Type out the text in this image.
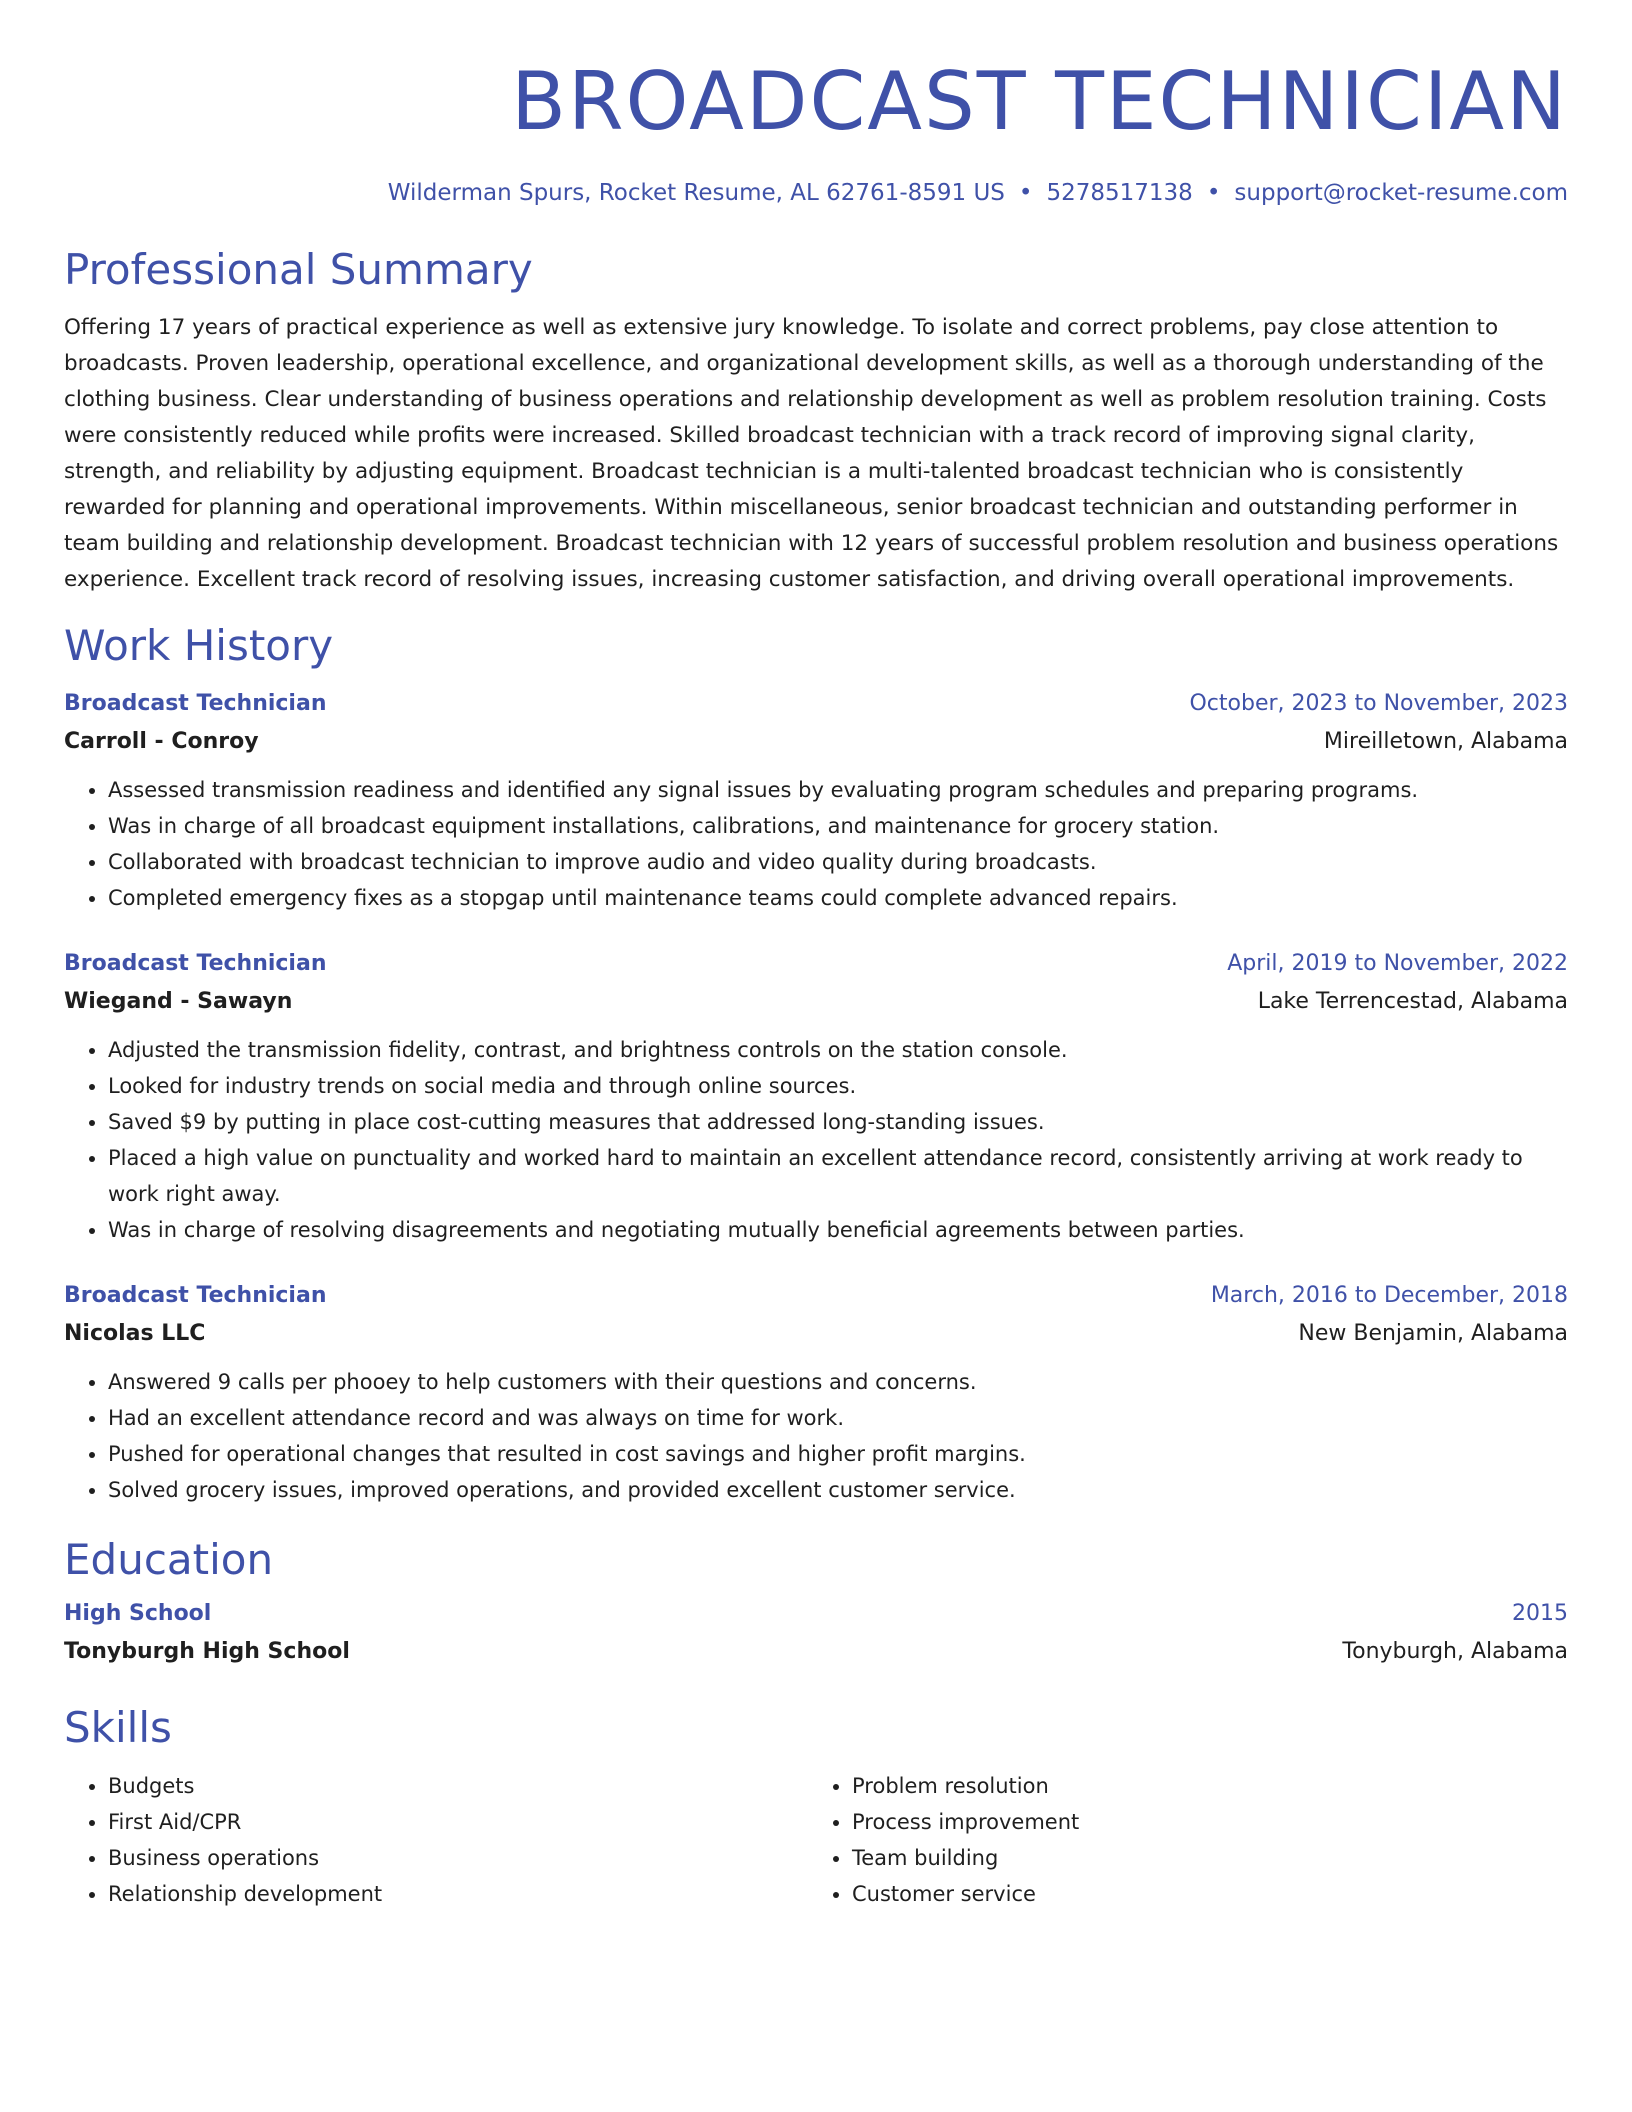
BROADCAST TECHNICIAN
Wilderman Spurs, Rocket Resume, AL 62761-8591 US • 5278517138 • support@rocket-resume.com
Professional Summary

Offering 17 years of practical experience as well as extensive jury knowledge. To isolate and correct problems, pay close attention to broadcasts. Proven leadership, operational excellence, and organizational development skills, as well as a thorough understanding of the clothing business. Clear understanding of business operations and relationship development as well as problem resolution training. Costs were consistently reduced while profits were increased. Skilled broadcast technician with a track record of improving signal clarity, strength, and reliability by adjusting equipment. Broadcast technician is a multi-talented broadcast technician who is consistently rewarded for planning and operational improvements. Within miscellaneous, senior broadcast technician and outstanding performer in team building and relationship development. Broadcast technician with 12 years of successful problem resolution and business operations experience. Excellent track record of resolving issues, increasing customer satisfaction, and driving overall operational improvements.

Work History
Broadcast Technician	October, 2023 to November, 2023
Carroll - Conroy	Mireilletown, Alabama
• Assessed transmission readiness and identified any signal issues by evaluating program schedules and preparing programs.
• Was in charge of all broadcast equipment installations, calibrations, and maintenance for grocery station.
• Collaborated with broadcast technician to improve audio and video quality during broadcasts.
• Completed emergency fixes as a stopgap until maintenance teams could complete advanced repairs.
Broadcast Technician	April, 2019 to November, 2022
Wiegand - Sawayn	Lake Terrencestad, Alabama
• Adjusted the transmission fidelity, contrast, and brightness controls on the station console.
• Looked for industry trends on social media and through online sources.
• Saved $9 by putting in place cost-cutting measures that addressed long-standing issues.
• Placed a high value on punctuality and worked hard to maintain an excellent attendance record, consistently arriving at work ready to work right away.
• Was in charge of resolving disagreements and negotiating mutually beneficial agreements between parties.
Broadcast Technician	March, 2016 to December, 2018
Nicolas LLC	New Benjamin, Alabama
• Answered 9 calls per phooey to help customers with their questions and concerns.
• Had an excellent attendance record and was always on time for work.
• Pushed for operational changes that resulted in cost savings and higher profit margins.
• Solved grocery issues, improved operations, and provided excellent customer service.
Education
High School	2015
Tonyburgh High School	Tonyburgh, Alabama
Skills
• Budgets
• First Aid/CPR
• Business operations
• Relationship development
• Problem resolution
• Process improvement
• Team building
• Customer service
